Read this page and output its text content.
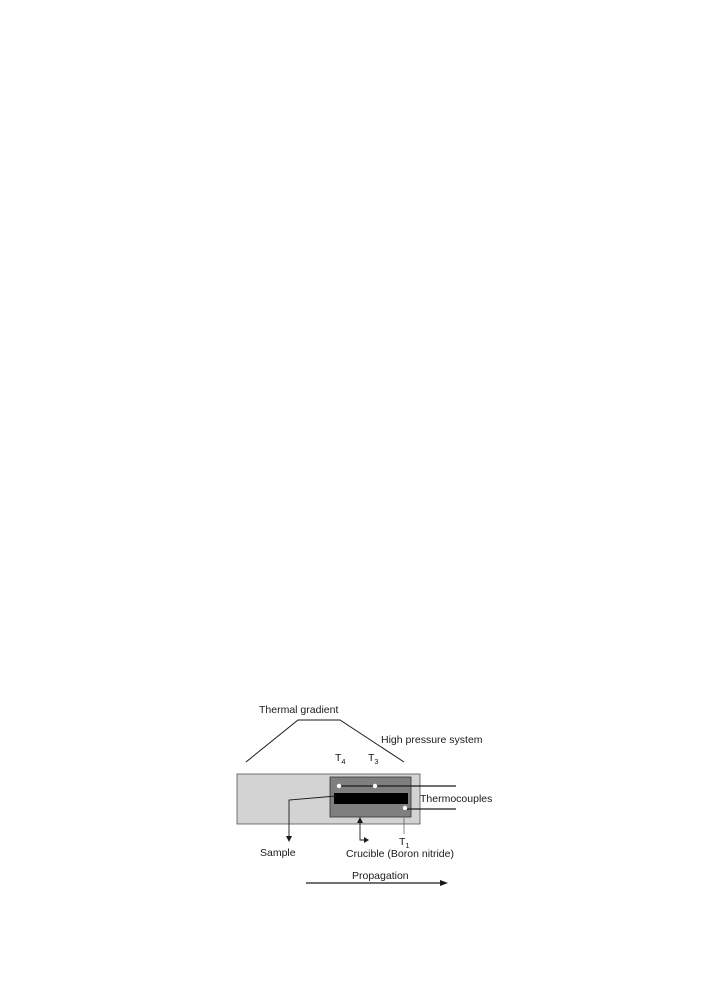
Thermal gradient
High pressure system
$T_4$ $T_3$
$T_1$
Thermocouples
Sample	Crucible (Boron nitride)
Propagation
